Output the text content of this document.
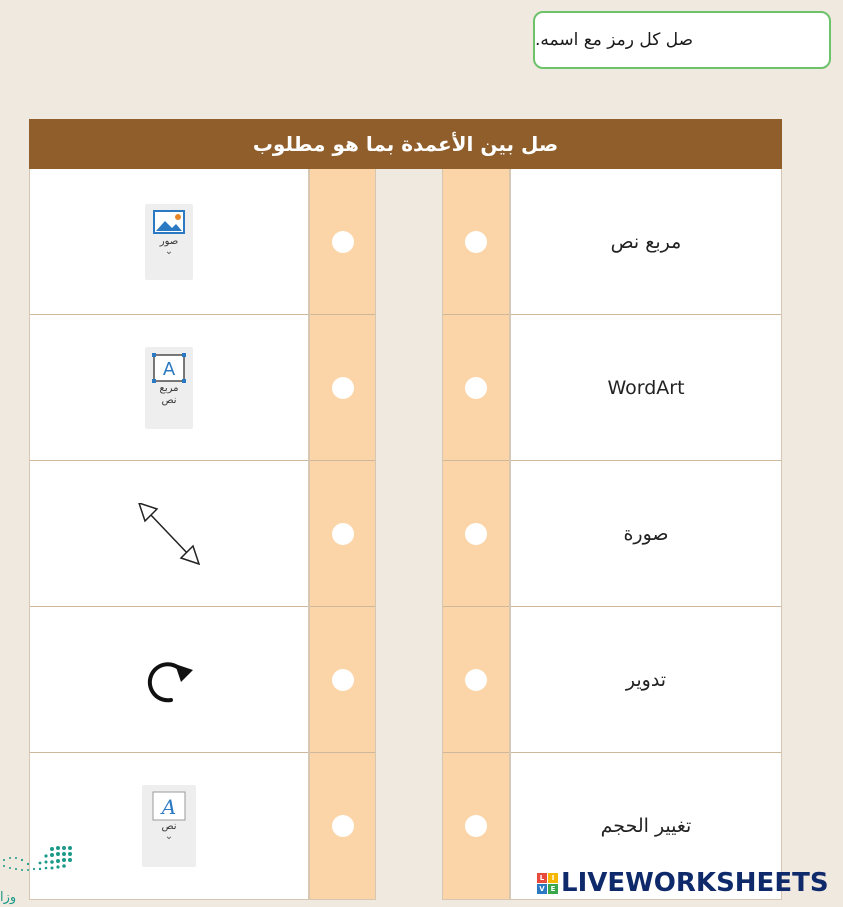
صل كل رمز مع اسمه.
صل بين الأعمدة بما هو مطلوب
صور
⌄
A
مربع
نص
A
نص
⌄
مربع نص
WordArt
صورة
تدوير
تغيير الحجم
وزا
L	I
V E LIVEWORKSHEETS
